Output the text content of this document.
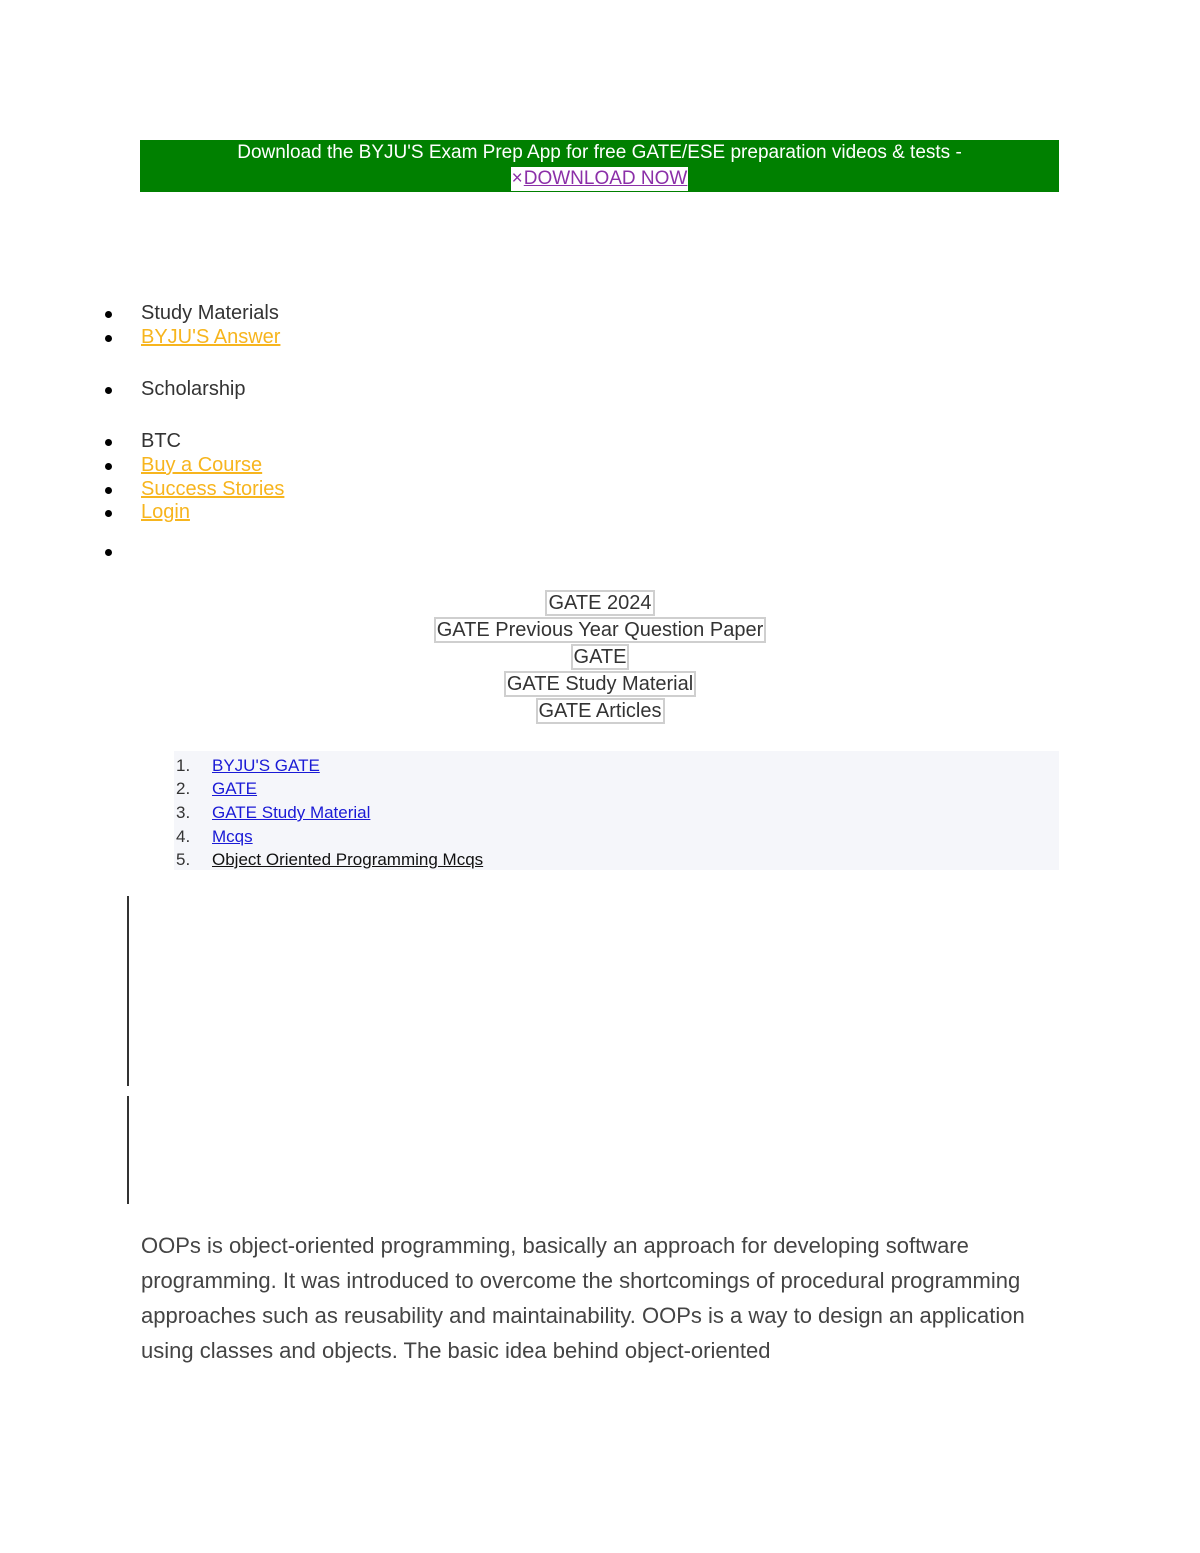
Download the BYJU'S Exam Prep App for free GATE/ESE preparation videos & tests -
×DOWNLOAD NOW
Study Materials
BYJU'S Answer
Scholarship
BTC
Buy a Course
Success Stories
Login
GATE 2024
GATE Previous Year Question Paper
GATE
GATE Study Material
GATE Articles
1. BYJU'S GATE
2. GATE
3. GATE Study Material
4. Mcqs
5. Object Oriented Programming Mcqs

OOPs is object-oriented programming, basically an approach for developing software programming. It was introduced to overcome the shortcomings of procedural programming approaches such as reusability and maintainability. OOPs is a way to design an application using classes and objects. The basic idea behind object-oriented
